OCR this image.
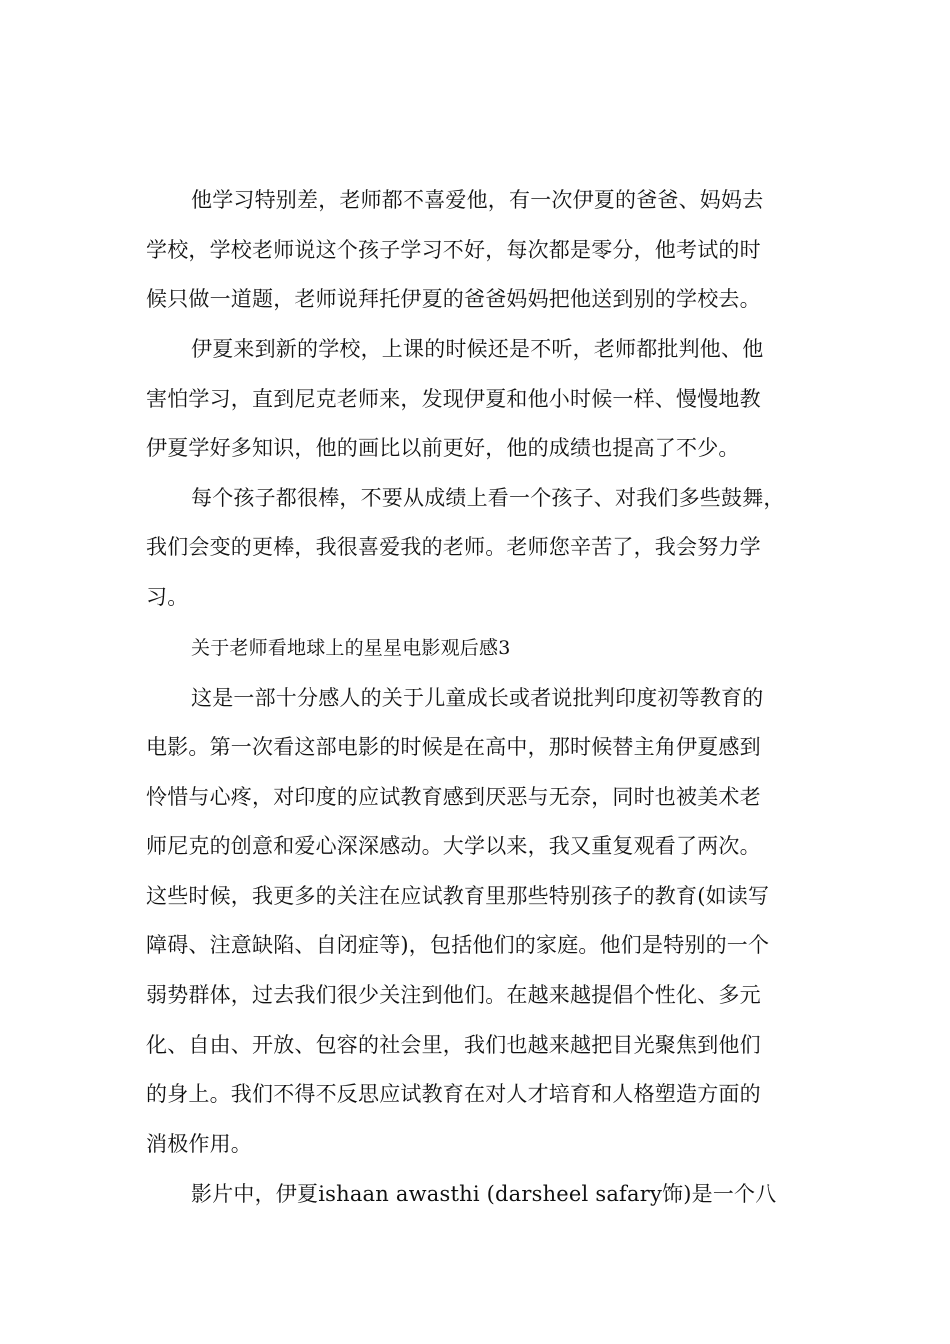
他学习特别差，老师都不喜爱他，有一次伊夏的爸爸、妈妈去
学校，学校老师说这个孩子学习不好，每次都是零分，他考试的时
候只做一道题，老师说拜托伊夏的爸爸妈妈把他送到别的学校去。
伊夏来到新的学校，上课的时候还是不听，老师都批判他、他
害怕学习，直到尼克老师来，发现伊夏和他小时候一样、慢慢地教
伊夏学好多知识，他的画比以前更好，他的成绩也提高了不少。
每个孩子都很棒，不要从成绩上看一个孩子、对我们多些鼓舞，
我们会变的更棒，我很喜爱我的老师。老师您辛苦了，我会努力学
习。
关于老师看地球上的星星电影观后感3
这是一部十分感人的关于儿童成长或者说批判印度初等教育的
电影。第一次看这部电影的时候是在高中，那时候替主角伊夏感到
怜惜与心疼，对印度的应试教育感到厌恶与无奈，同时也被美术老
师尼克的创意和爱心深深感动。大学以来，我又重复观看了两次。
这些时候，我更多的关注在应试教育里那些特别孩子的教育(如读写
障碍、注意缺陷、自闭症等)，包括他们的家庭。他们是特别的一个
弱势群体，过去我们很少关注到他们。在越来越提倡个性化、多元
化、自由、开放、包容的社会里，我们也越来越把目光聚焦到他们
的身上。我们不得不反思应试教育在对人才培育和人格塑造方面的
消极作用。
影片中，伊夏ishaan awasthi (darsheel safary饰)是一个八
